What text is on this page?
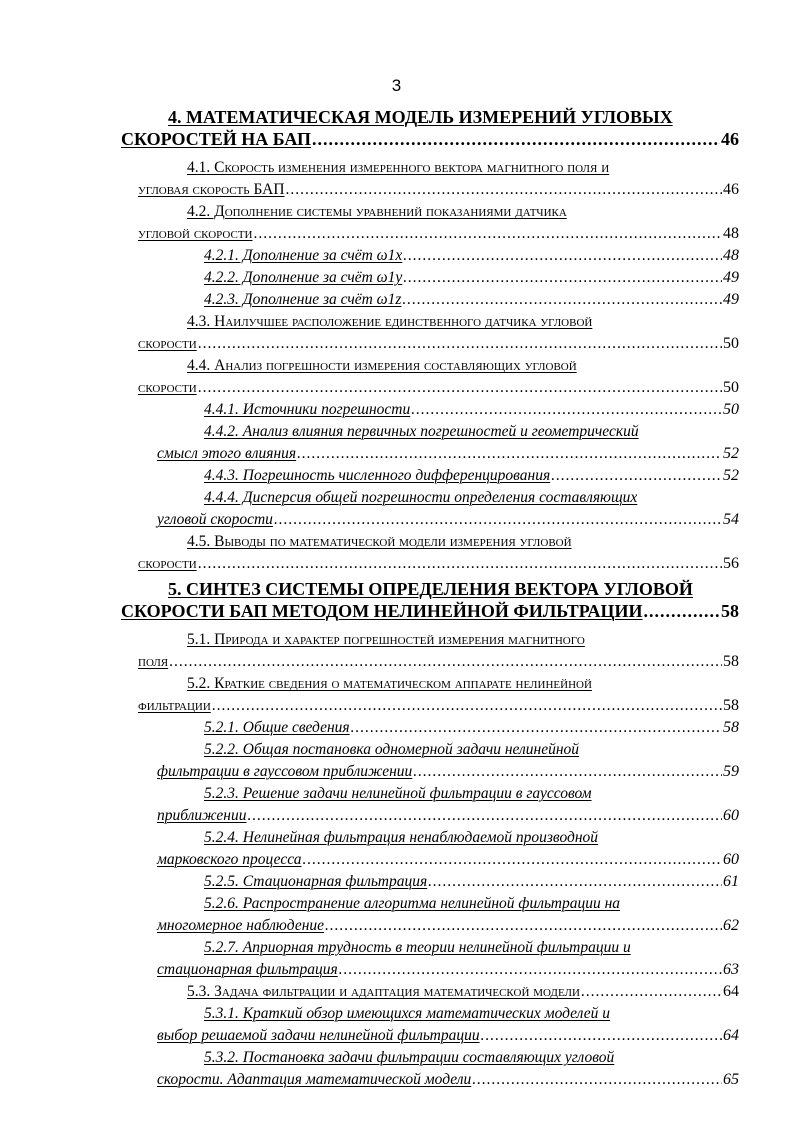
3
4. МАТЕМАТИЧЕСКАЯ МОДЕЛЬ ИЗМЕРЕНИЙ УГЛОВЫХ
СКОРОСТЕЙ НА БАП .....	46
4.1. Скорость изменения измеренного вектора магнитного поля и
угловая скорость БАП .....	46
4.2. Дополнение системы уравнений показаниями датчика
угловой скорости .....	48
4.2.1. Дополнение за счёт ω1x .....	48
4.2.2. Дополнение за счёт ω1y .....	49
4.2.3. Дополнение за счёт ω1z .....	49
4.3. Наилучшее расположение единственного датчика угловой
скорости .....	50
4.4. Анализ погрешности измерения составляющих угловой
скорости .....	50
4.4.1. Источники погрешности .....	50
4.4.2. Анализ влияния первичных погрешностей и геометрический
смысл этого влияния .....	52
4.4.3. Погрешность численного дифференцирования .....	52
4.4.4. Дисперсия общей погрешности определения составляющих
угловой скорости .....	54
4.5. Выводы по математической модели измерения угловой
скорости .....	56
5. СИНТЕЗ СИСТЕМЫ ОПРЕДЕЛЕНИЯ ВЕКТОРА УГЛОВОЙ
СКОРОСТИ БАП МЕТОДОМ НЕЛИНЕЙНОЙ ФИЛЬТРАЦИИ .....	58
5.1. Природа и характер погрешностей измерения магнитного
поля .....	58
5.2. Краткие сведения о математическом аппарате нелинейной
фильтрации .....	58
5.2.1. Общие сведения .....	58
5.2.2. Общая постановка одномерной задачи нелинейной
фильтрации в гауссовом приближении .....	59
5.2.3. Решение задачи нелинейной фильтрации в гауссовом
приближении .....	60
5.2.4. Нелинейная фильтрация ненаблюдаемой производной
марковского процесса .....	60
5.2.5. Стационарная фильтрация .....	61
5.2.6. Распространение алгоритма нелинейной фильтрации на
многомерное наблюдение .....	62
5.2.7. Априорная трудность в теории нелинейной фильтрации и
стационарная фильтрация .....	63
5.3. Задача фильтрации и адаптация математической модели .....	64
5.3.1. Краткий обзор имеющихся математических моделей и
выбор решаемой задачи нелинейной фильтрации .....	64
5.3.2. Постановка задачи фильтрации составляющих угловой
скорости. Адаптация математической модели .....	65
